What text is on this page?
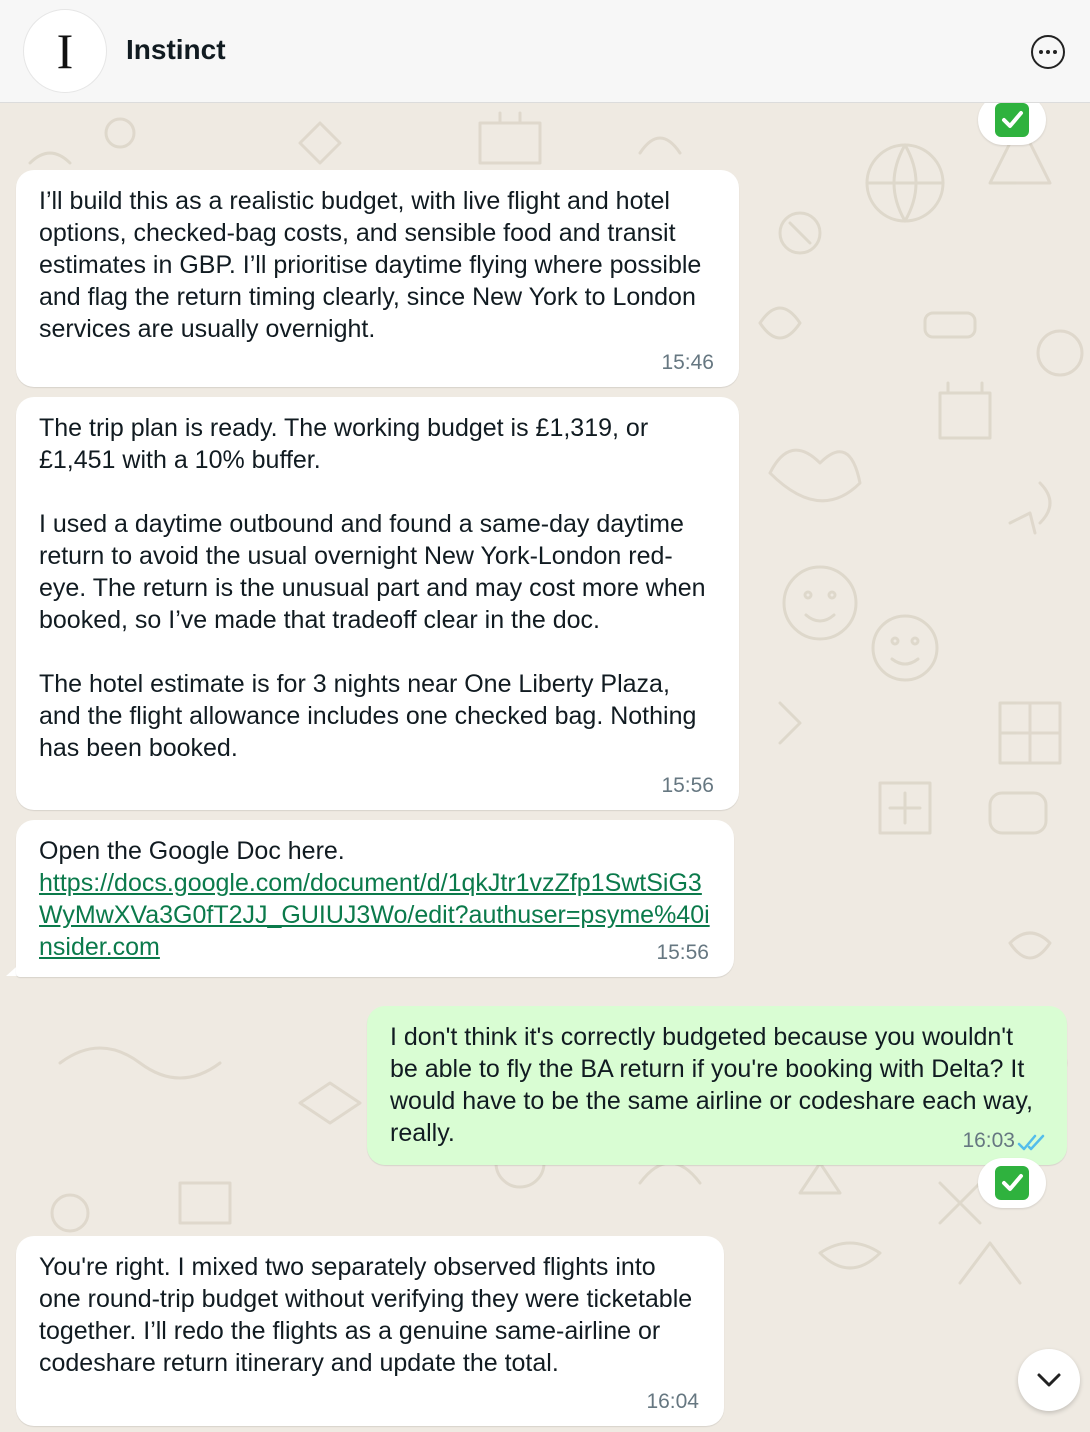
I	Instinct
I’ll build this as a realistic budget, with live flight and hotel options, checked-bag costs, and sensible food and transit estimates in GBP. I’ll prioritise daytime flying where possible and flag the return timing clearly, since New York to London services are usually overnight.
15:46
The trip plan is ready. The working budget is £1,319, or £1,451 with a 10% buffer.

I used a daytime outbound and found a same-day daytime return to avoid the usual overnight New York-London red-eye. The return is the unusual part and may cost more when booked, so I’ve made that tradeoff clear in the doc.

The hotel estimate is for 3 nights near One Liberty Plaza, and the flight allowance includes one checked bag. Nothing has been booked.
15:56
Open the Google Doc here.
https://docs.google.com/document/d/1qkJtr1vzZfp1SwtSiG3WyMwXVa3G0fT2JJ_GUIUJ3Wo/edit?authuser=psyme%40insider.com	15:56
I don't think it's correctly budgeted because you wouldn't be able to fly the BA return if you're booking with Delta? It would have to be the same airline or codeshare each way, really.	16:03
You're right. I mixed two separately observed flights into one round-trip budget without verifying they were ticketable together. I’ll redo the flights as a genuine same-airline or codeshare return itinerary and update the total.
16:04
